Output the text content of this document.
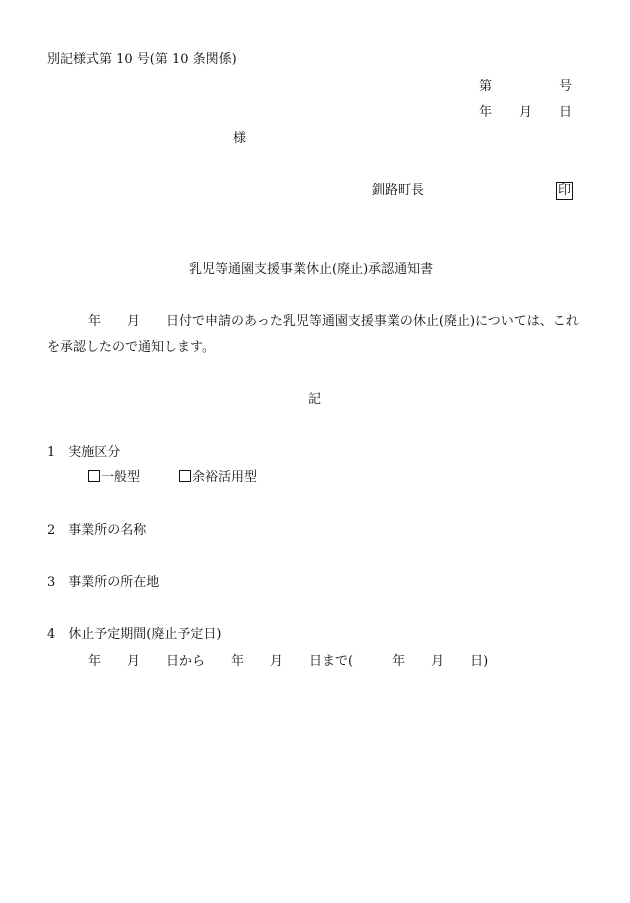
別記様式第 10 号(第 10 条関係)
第	号
年 月 日
様
釧路町長	印
乳児等通園支援事業休止(廃止)承認通知書
年　　月　　日付で申請のあった乳児等通園支援事業の休止(廃止)については、これ
を承認したので通知します。
記
1　実施区分
一般型	余裕活用型
2　事業所の名称
3　事業所の所在地
4　休止予定期間(廃止予定日)
年　　月　　日から　　年　　月　　日まで(　　　年　　月　　日)
